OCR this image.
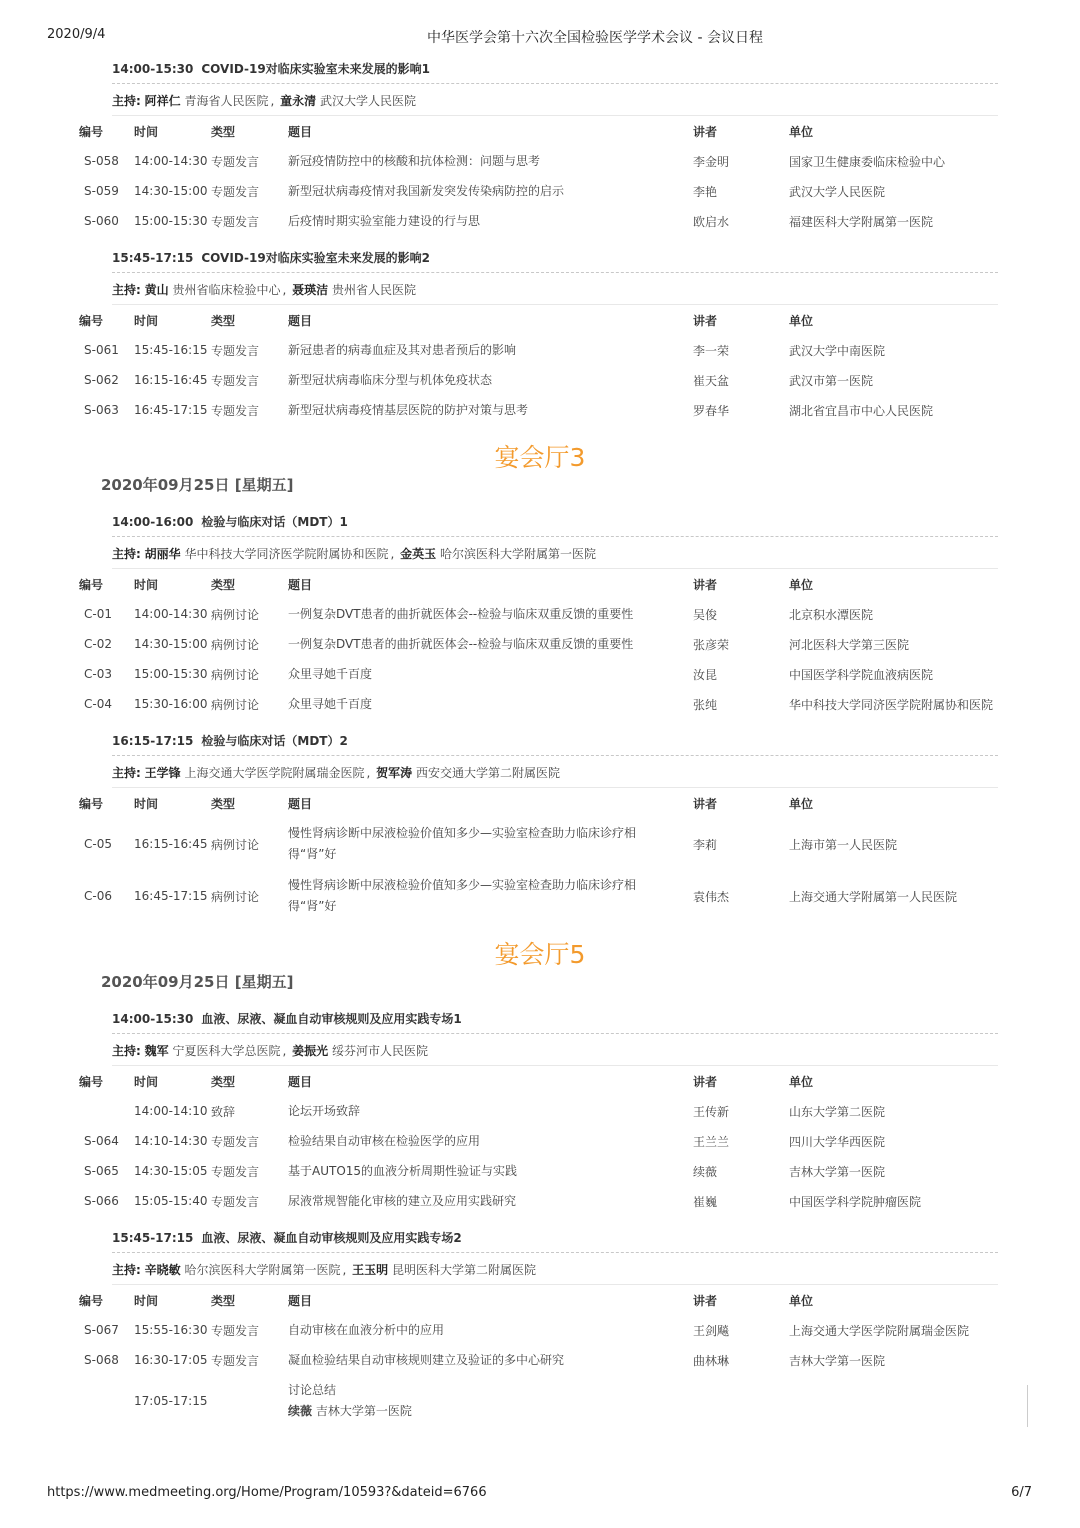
2020/9/4	中华医学会第十六次全国检验医学学术会议 - 会议日程
14:00-15:30 COVID-19对临床实验室未来发展的影响1
主持: 阿祥仁 青海省人民医院 , 童永清 武汉大学人民医院
编号	时间	类型	题目	讲者	单位
S-058	14:00-14:30	专题发言	新冠疫情防控中的核酸和抗体检测：问题与思考	李金明	国家卫生健康委临床检验中心
S-059	14:30-15:00	专题发言	新型冠状病毒疫情对我国新发突发传染病防控的启示	李艳	武汉大学人民医院
S-060	15:00-15:30	专题发言	后疫情时期实验室能力建设的行与思	欧启水	福建医科大学附属第一医院

15:45-17:15 COVID-19对临床实验室未来发展的影响2
主持: 黄山 贵州省临床检验中心 , 聂瑛洁 贵州省人民医院
编号	时间	类型	题目	讲者	单位
S-061	15:45-16:15	专题发言	新冠患者的病毒血症及其对患者预后的影响	李一荣	武汉大学中南医院
S-062	16:15-16:45	专题发言	新型冠状病毒临床分型与机体免疫状态	崔天盆	武汉市第一医院
S-063	16:45-17:15	专题发言	新型冠状病毒疫情基层医院的防护对策与思考	罗春华	湖北省宜昌市中心人民医院

宴会厅3
2020年09月25日 [星期五]
14:00-16:00 检验与临床对话（MDT）1
主持: 胡丽华 华中科技大学同济医学院附属协和医院 , 金英玉 哈尔滨医科大学附属第一医院
编号	时间	类型	题目	讲者	单位
C-01	14:00-14:30	病例讨论	一例复杂DVT患者的曲折就医体会--检验与临床双重反馈的重要性	吴俊	北京积水潭医院
C-02	14:30-15:00	病例讨论	一例复杂DVT患者的曲折就医体会--检验与临床双重反馈的重要性	张彦荣	河北医科大学第三医院
C-03	15:00-15:30	病例讨论	众里寻她千百度	汝昆	中国医学科学院血液病医院
C-04	15:30-16:00	病例讨论	众里寻她千百度	张纯	华中科技大学同济医学院附属协和医院

16:15-17:15 检验与临床对话（MDT）2
主持: 王学锋 上海交通大学医学院附属瑞金医院 , 贺军涛 西安交通大学第二附属医院
编号	时间	类型	题目	讲者	单位
C-05	16:15-16:45	病例讨论	慢性肾病诊断中尿液检验价值知多少—实验室检查助力临床诊疗相得“肾”好	李莉	上海市第一人民医院
C-06	16:45-17:15	病例讨论	慢性肾病诊断中尿液检验价值知多少—实验室检查助力临床诊疗相得“肾”好	袁伟杰	上海交通大学附属第一人民医院

宴会厅5
2020年09月25日 [星期五]
14:00-15:30 血液、尿液、凝血自动审核规则及应用实践专场1
主持: 魏军 宁夏医科大学总医院 , 姜振光 绥芬河市人民医院
编号	时间	类型	题目	讲者	单位
	14:00-14:10	致辞	论坛开场致辞	王传新	山东大学第二医院
S-064	14:10-14:30	专题发言	检验结果自动审核在检验医学的应用	王兰兰	四川大学华西医院
S-065	14:30-15:05	专题发言	基于AUTO15的血液分析周期性验证与实践	续薇	吉林大学第一医院
S-066	15:05-15:40	专题发言	尿液常规智能化审核的建立及应用实践研究	崔巍	中国医学科学院肿瘤医院

15:45-17:15 血液、尿液、凝血自动审核规则及应用实践专场2
主持: 辛晓敏 哈尔滨医科大学附属第一医院 , 王玉明 昆明医科大学第二附属医院
编号	时间	类型	题目	讲者	单位
S-067	15:55-16:30	专题发言	自动审核在血液分析中的应用	王剑飚	上海交通大学医学院附属瑞金医院
S-068	16:30-17:05	专题发言	凝血检验结果自动审核规则建立及验证的多中心研究	曲林琳	吉林大学第一医院
	17:05-17:15		讨论总结
续薇 吉林大学第一医院		

https://www.medmeeting.org/Home/Program/10593?&dateid=6766	6/7
